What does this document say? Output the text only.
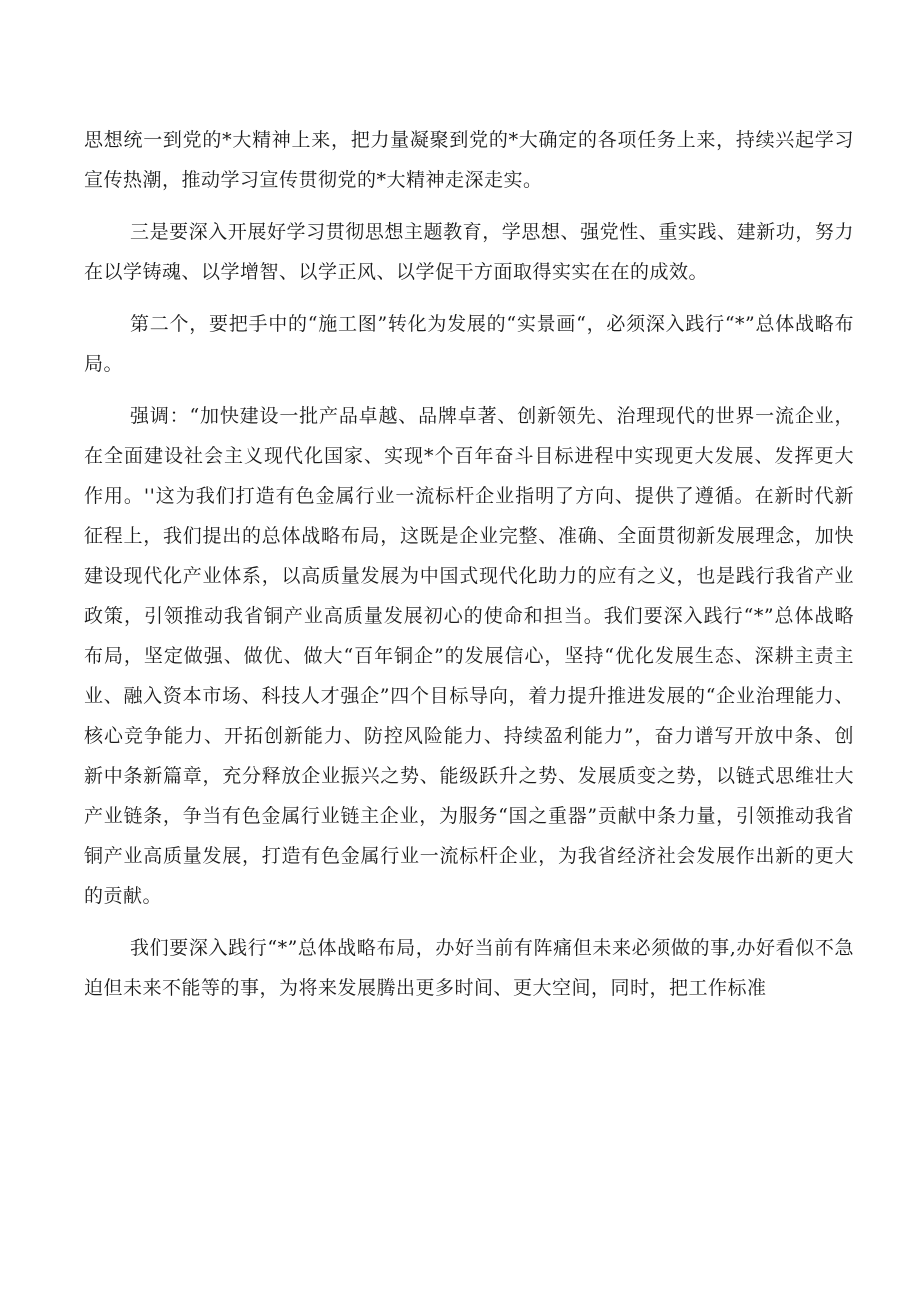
思想统一到党的*大精神上来，把力量凝聚到党的*大确定的各项任务上来，持续兴起学习宣传热潮，推动学习宣传贯彻党的*大精神走深走实。

三是要深入开展好学习贯彻思想主题教育，学思想、强党性、重实践、建新功，努力在以学铸魂、以学增智、以学正风、以学促干方面取得实实在在的成效。

第二个，要把手中的“施工图”转化为发展的“实景画“，必须深入践行“*”总体战略布局。

强调：“加快建设一批产品卓越、品牌卓著、创新领先、治理现代的世界一流企业，在全面建设社会主义现代化国家、实现*个百年奋斗目标进程中实现更大发展、发挥更大作用。''这为我们打造有色金属行业一流标杆企业指明了方向、提供了遵循。在新时代新征程上，我们提出的总体战略布局，这既是企业完整、准确、全面贯彻新发展理念，加快建设现代化产业体系，以高质量发展为中国式现代化助力的应有之义，也是践行我省产业政策，引领推动我省铜产业高质量发展初心的使命和担当。我们要深入践行“*”总体战略布局，坚定做强、做优、做大“百年铜企”的发展信心，坚持“优化发展生态、深耕主责主业、融入资本市场、科技人才强企”四个目标导向，着力提升推进发展的“企业治理能力、核心竞争能力、开拓创新能力、防控风险能力、持续盈利能力”，奋力谱写开放中条、创新中条新篇章，充分释放企业振兴之势、能级跃升之势、发展质变之势，以链式思维壮大产业链条，争当有色金属行业链主企业，为服务“国之重器”贡献中条力量，引领推动我省铜产业高质量发展，打造有色金属行业一流标杆企业，为我省经济社会发展作出新的更大的贡献。

我们要深入践行“*”总体战略布局，办好当前有阵痛但未来必须做的事,办好看似不急迫但未来不能等的事，为将来发展腾出更多时间、更大空间，同时，把工作标准
